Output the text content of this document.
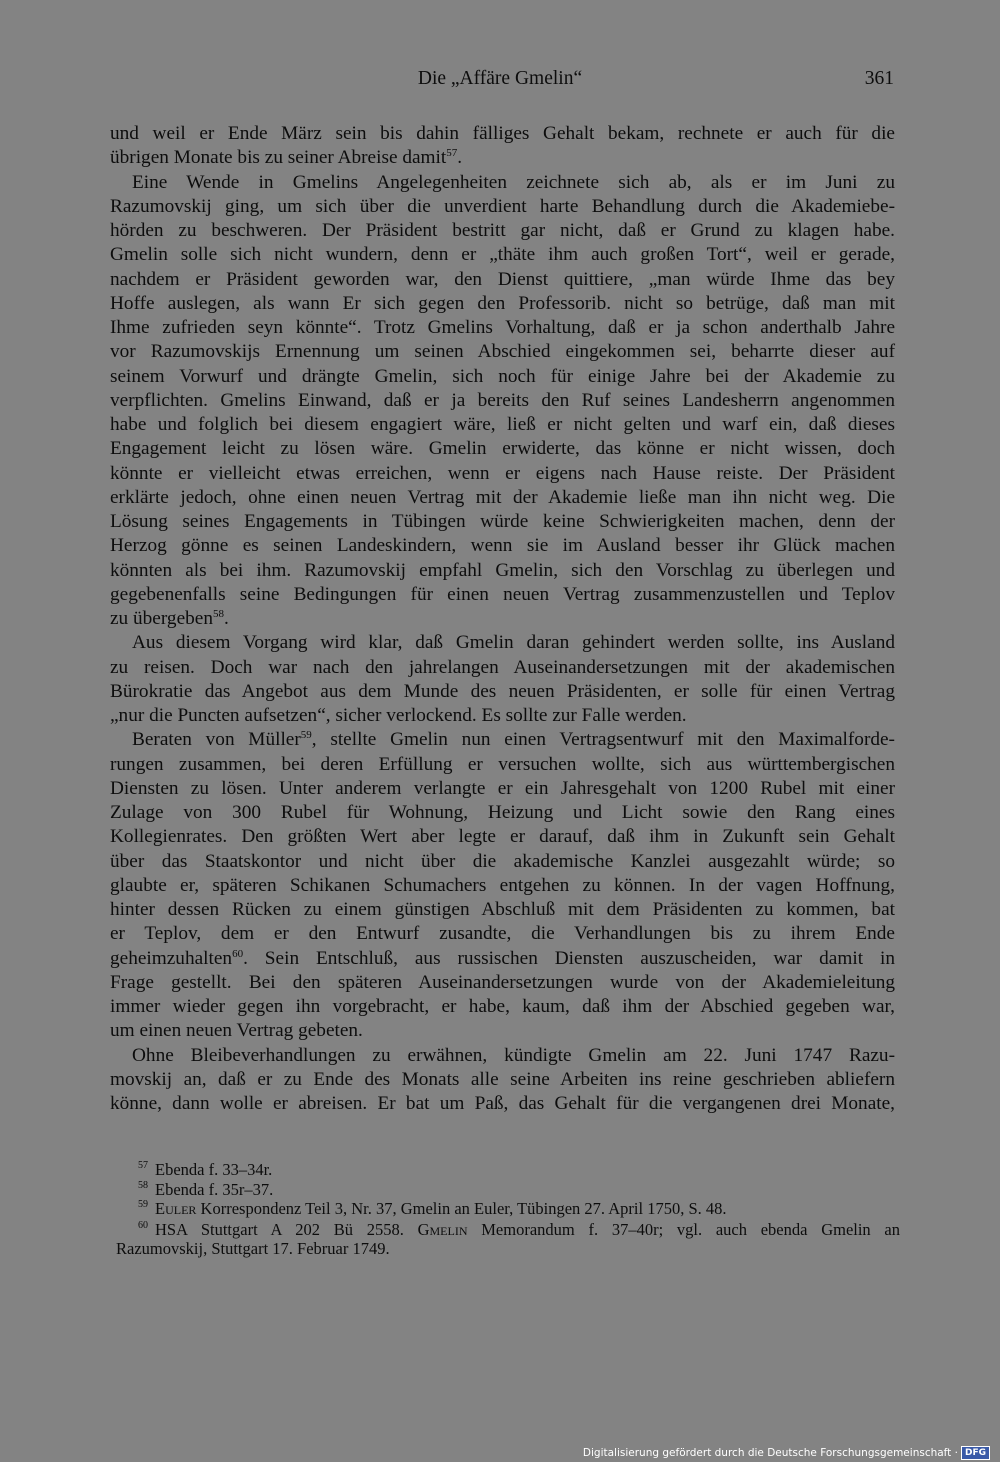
Die „Affäre Gmelin“	361
und weil er Ende März sein bis dahin fälliges Gehalt bekam, rechnete er auch für die
übrigen Monate bis zu seiner Abreise damit$^{57}$.
Eine Wende in Gmelins Angelegenheiten zeichnete sich ab, als er im Juni zu
Razumovskij ging, um sich über die unverdient harte Behandlung durch die Akademiebe-
hörden zu beschweren. Der Präsident bestritt gar nicht, daß er Grund zu klagen habe.
Gmelin solle sich nicht wundern, denn er „thäte ihm auch großen Tort“, weil er gerade,
nachdem er Präsident geworden war, den Dienst quittiere, „man würde Ihme das bey
Hoffe auslegen, als wann Er sich gegen den Professorib. nicht so betrüge, daß man mit
Ihme zufrieden seyn könnte“. Trotz Gmelins Vorhaltung, daß er ja schon anderthalb Jahre
vor Razumovskijs Ernennung um seinen Abschied eingekommen sei, beharrte dieser auf
seinem Vorwurf und drängte Gmelin, sich noch für einige Jahre bei der Akademie zu
verpflichten. Gmelins Einwand, daß er ja bereits den Ruf seines Landesherrn angenommen
habe und folglich bei diesem engagiert wäre, ließ er nicht gelten und warf ein, daß dieses
Engagement leicht zu lösen wäre. Gmelin erwiderte, das könne er nicht wissen, doch
könnte er vielleicht etwas erreichen, wenn er eigens nach Hause reiste. Der Präsident
erklärte jedoch, ohne einen neuen Vertrag mit der Akademie ließe man ihn nicht weg. Die
Lösung seines Engagements in Tübingen würde keine Schwierigkeiten machen, denn der
Herzog gönne es seinen Landeskindern, wenn sie im Ausland besser ihr Glück machen
könnten als bei ihm. Razumovskij empfahl Gmelin, sich den Vorschlag zu überlegen und
gegebenenfalls seine Bedingungen für einen neuen Vertrag zusammenzustellen und Teplov
zu übergeben$^{58}$.
Aus diesem Vorgang wird klar, daß Gmelin daran gehindert werden sollte, ins Ausland
zu reisen. Doch war nach den jahrelangen Auseinandersetzungen mit der akademischen
Bürokratie das Angebot aus dem Munde des neuen Präsidenten, er solle für einen Vertrag
„nur die Puncten aufsetzen“, sicher verlockend. Es sollte zur Falle werden.
Beraten von Müller$^{59}$, stellte Gmelin nun einen Vertragsentwurf mit den Maximalforde-
rungen zusammen, bei deren Erfüllung er versuchen wollte, sich aus württembergischen
Diensten zu lösen. Unter anderem verlangte er ein Jahresgehalt von 1200 Rubel mit einer
Zulage von 300 Rubel für Wohnung, Heizung und Licht sowie den Rang eines
Kollegienrates. Den größten Wert aber legte er darauf, daß ihm in Zukunft sein Gehalt
über das Staatskontor und nicht über die akademische Kanzlei ausgezahlt würde; so
glaubte er, späteren Schikanen Schumachers entgehen zu können. In der vagen Hoffnung,
hinter dessen Rücken zu einem günstigen Abschluß mit dem Präsidenten zu kommen, bat
er Teplov, dem er den Entwurf zusandte, die Verhandlungen bis zu ihrem Ende
geheimzuhalten$^{60}$. Sein Entschluß, aus russischen Diensten auszuscheiden, war damit in
Frage gestellt. Bei den späteren Auseinandersetzungen wurde von der Akademieleitung
immer wieder gegen ihn vorgebracht, er habe, kaum, daß ihm der Abschied gegeben war,
um einen neuen Vertrag gebeten.
Ohne Bleibeverhandlungen zu erwähnen, kündigte Gmelin am 22. Juni 1747 Razu-
movskij an, daß er zu Ende des Monats alle seine Arbeiten ins reine geschrieben abliefern
könne, dann wolle er abreisen. Er bat um Paß, das Gehalt für die vergangenen drei Monate,
$^{57}$ Ebenda f. 33–34r.
$^{58}$ Ebenda f. 35r–37.
$^{59}$ Euler Korrespondenz Teil 3, Nr. 37, Gmelin an Euler, Tübingen 27. April 1750, S. 48.
$^{60}$ HSA Stuttgart A 202 Bü 2558. Gmelin Memorandum f. 37–40r; vgl. auch ebenda Gmelin an
Razumovskij, Stuttgart 17. Februar 1749.
Digitalisierung gefördert durch die Deutsche Forschungsgemeinschaft · DFG
